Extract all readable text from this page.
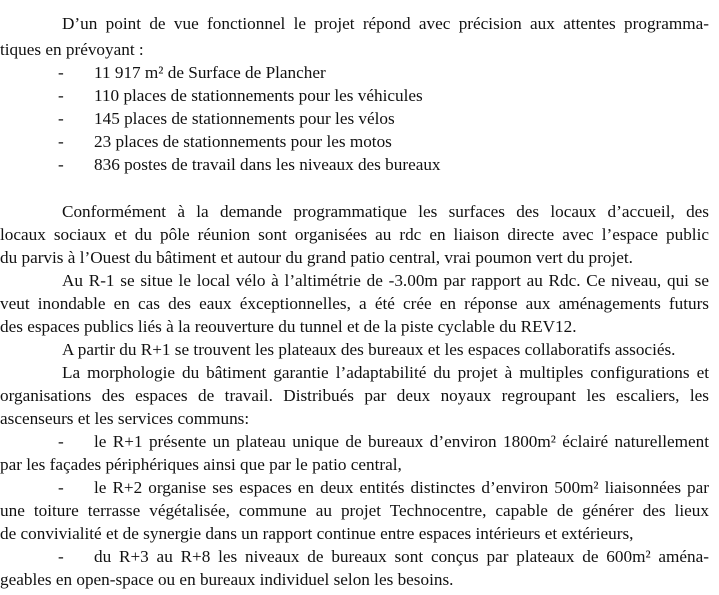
D’un point de vue fonctionnel le projet répond avec précision aux attentes programma-
tiques en prévoyant :
- 11 917 m² de Surface de Plancher
- 110 places de stationnements pour les véhicules
- 145 places de stationnements pour les vélos
- 23 places de stationnements pour les motos
- 836 postes de travail dans les niveaux des bureaux
Conformément à la demande programmatique les surfaces des locaux d’accueil, des
locaux sociaux et du pôle réunion sont organisées au rdc en liaison directe avec l’espace public
du parvis à l’Ouest du bâtiment et autour du grand patio central, vrai poumon vert du projet.
Au R-1 se situe le local vélo à l’altimétrie de -3.00m par rapport au Rdc. Ce niveau, qui se
veut inondable en cas des eaux éxceptionnelles, a été crée en réponse aux aménagements futurs
des espaces publics liés à la reouverture du tunnel et de la piste cyclable du REV12.
A partir du R+1 se trouvent les plateaux des bureaux et les espaces collaboratifs associés.
La morphologie du bâtiment garantie l’adaptabilité du projet à multiples configurations et
organisations des espaces de travail. Distribués par deux noyaux regroupant les escaliers, les
ascenseurs et les services communs:
- le R+1 présente un plateau unique de bureaux d’environ 1800m² éclairé naturellement
par les façades périphériques ainsi que par le patio central,
- le R+2 organise ses espaces en deux entités distinctes d’environ 500m² liaisonnées par
une toiture terrasse végétalisée, commune au projet Technocentre, capable de générer des lieux
de convivialité et de synergie dans un rapport continue entre espaces intérieurs et extérieurs,
- du R+3 au R+8 les niveaux de bureaux sont conçus par plateaux de 600m² aména-
geables en open-space ou en bureaux individuel selon les besoins.
